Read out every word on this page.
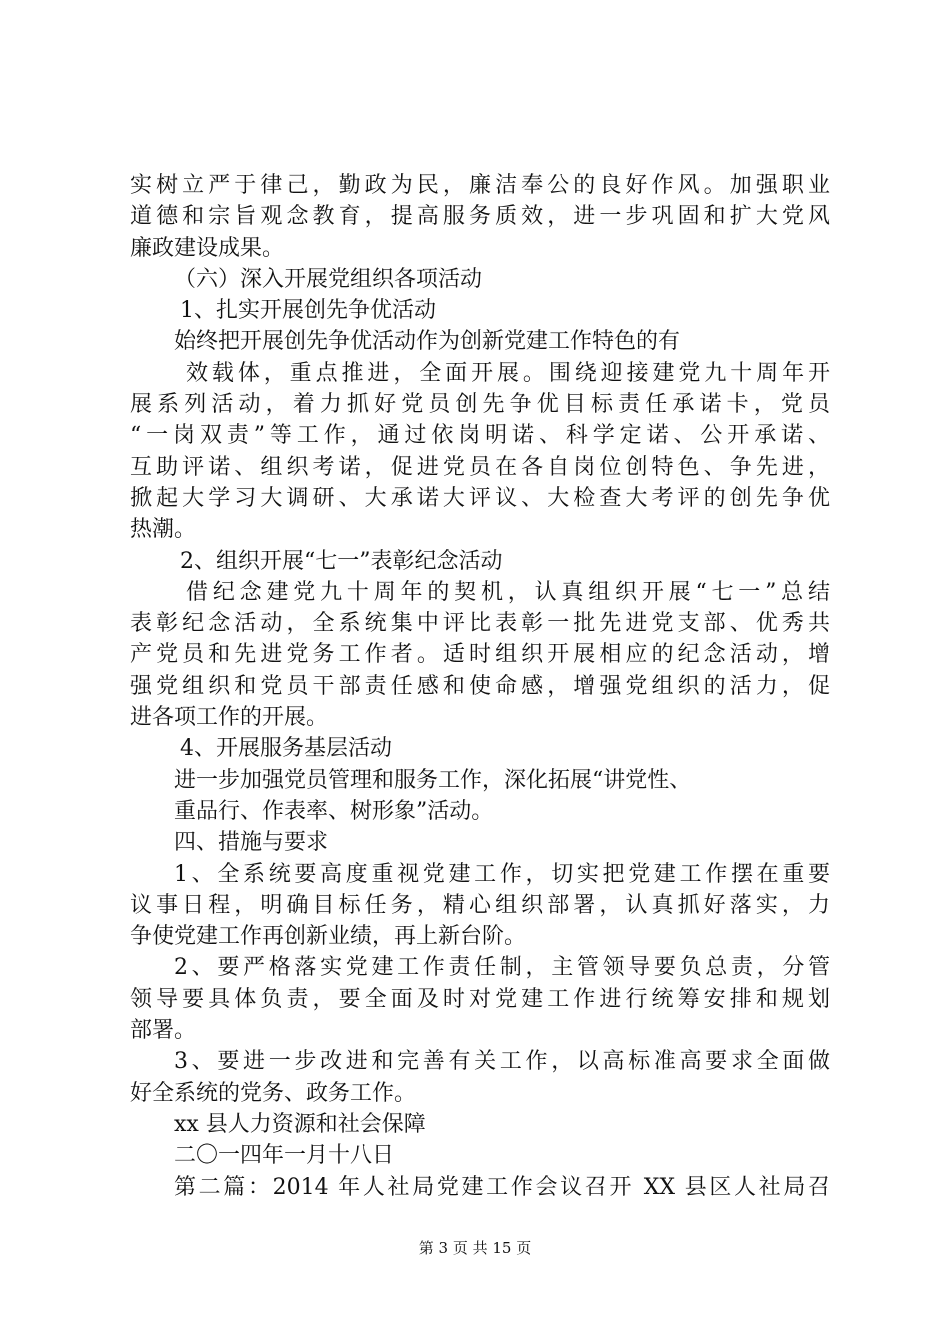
实树立严于律己，勤政为民，廉洁奉公的良好作风。加强职业
道德和宗旨观念教育，提高服务质效，进一步巩固和扩大党风
廉政建设成果。
（六）深入开展党组织各项活动
1、扎实开展创先争优活动
始终把开展创先争优活动作为创新党建工作特色的有
效载体，重点推进，全面开展。围绕迎接建党九十周年开
展系列活动，着力抓好党员创先争优目标责任承诺卡，党员
“一岗双责”等工作，通过依岗明诺、科学定诺、公开承诺、
互助评诺、组织考诺，促进党员在各自岗位创特色、争先进，
掀起大学习大调研、大承诺大评议、大检查大考评的创先争优
热潮。
2、组织开展“七一”表彰纪念活动
借纪念建党九十周年的契机，认真组织开展“七一”总结
表彰纪念活动，全系统集中评比表彰一批先进党支部、优秀共
产党员和先进党务工作者。适时组织开展相应的纪念活动，增
强党组织和党员干部责任感和使命感，增强党组织的活力，促
进各项工作的开展。
4、开展服务基层活动
进一步加强党员管理和服务工作，深化拓展“讲党性、
重品行、作表率、树形象”活动。
四、措施与要求
1、全系统要高度重视党建工作，切实把党建工作摆在重要
议事日程，明确目标任务，精心组织部署，认真抓好落实，力
争使党建工作再创新业绩，再上新台阶。
2、要严格落实党建工作责任制，主管领导要负总责，分管
领导要具体负责，要全面及时对党建工作进行统筹安排和规划
部署。
3、要进一步改进和完善有关工作，以高标准高要求全面做
好全系统的党务、政务工作。
xx 县人力资源和社会保障
二〇一四年一月十八日
第二篇：2014 年人社局党建工作会议召开 XX 县区人社局召
第 3 页 共 15 页
